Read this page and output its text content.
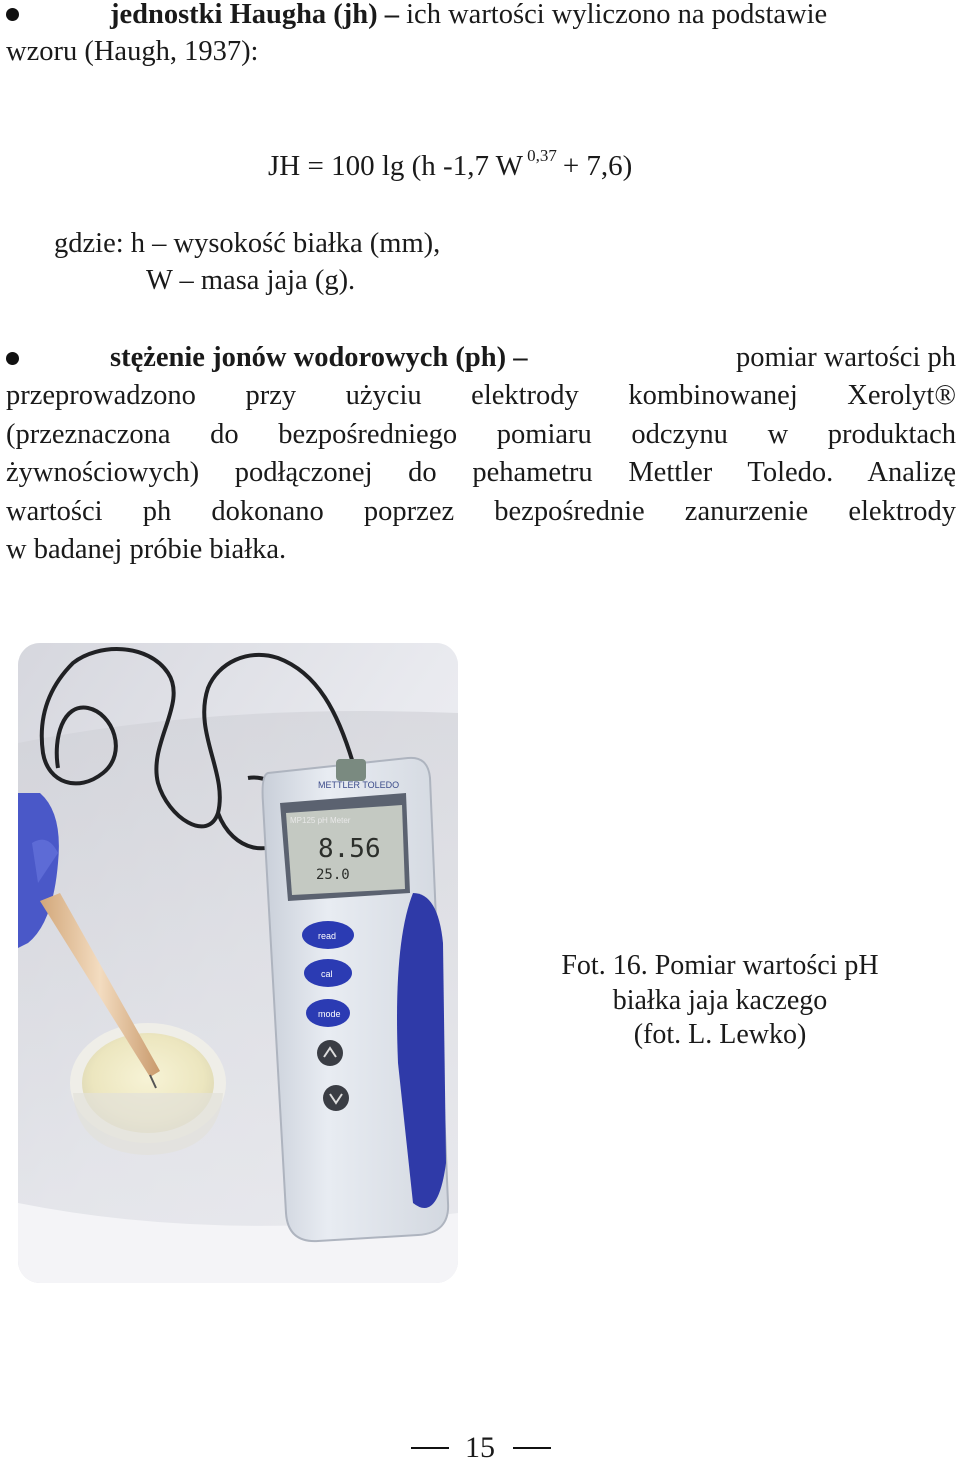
jednostki Haugha (jh) – ich wartości wyliczono na podstawie
wzoru (Haugh, 1937):
JH = 100 lg (h -1,7 W $^{0,37}$ + 7,6)
gdzie: h – wysokość białka (mm),
W – masa jaja (g).
stężenie jonów wodorowych (ph) –	pomiar wartości ph
przeprowadzono przy użyciu elektrody kombinowanej Xerolyt®
(przeznaczona do bezpośredniego pomiaru odczynu w produktach
żywnościowych) podłączonej do pehametru Mettler Toledo. Analizę
wartości ph dokonano poprzez bezpośrednie zanurzenie elektrody
w badanej próbie białka.
METTLER TOLEDO
MP125 pH Meter
8.56
25.0
read
cal
mode
Fot. 16. Pomiar wartości pH
białka jaja kaczego
(fot. L. Lewko)
15
